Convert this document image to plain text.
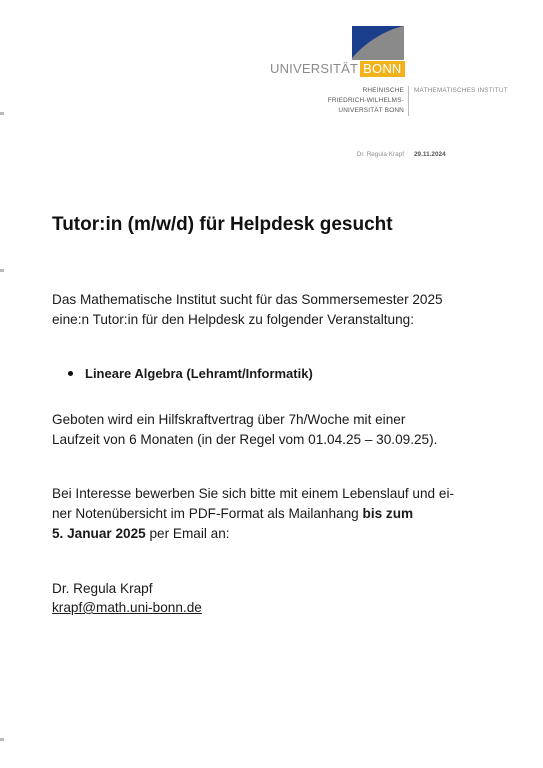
UNIVERSITÄT BONN
RHEINISCHE
FRIEDRICH-WILHELMS-
UNIVERSITÄT BONN
MATHEMATISCHES INSTITUT
Dr. Regula Krapf 29.11.2024
Tutor:in (m/w/d) für Helpdesk gesucht
Das Mathematische Institut sucht für das Sommersemester 2025
eine:n Tutor:in für den Helpdesk zu folgender Veranstaltung:
Lineare Algebra (Lehramt/Informatik)
Geboten wird ein Hilfskraftvertrag über 7h/Woche mit einer
Laufzeit von 6 Monaten (in der Regel vom 01.04.25 – 30.09.25).
Bei Interesse bewerben Sie sich bitte mit einem Lebenslauf und ei-
ner Notenübersicht im PDF-Format als Mailanhang bis zum
5. Januar 2025 per Email an:
Dr. Regula Krapf
krapf@math.uni-bonn.de
